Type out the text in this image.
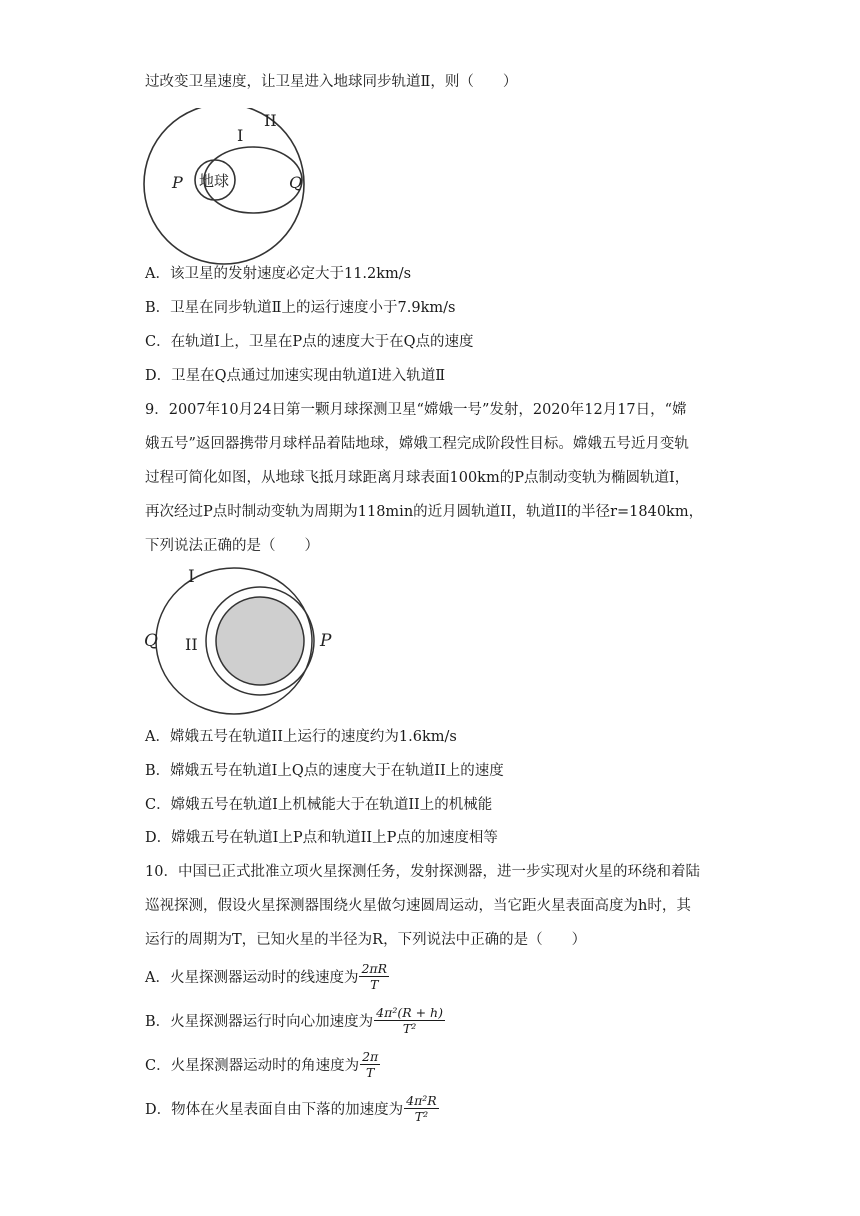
过改变卫星速度，让卫星进入地球同步轨道Ⅱ，则（　　）
II
I
P	Q
地球
A．该卫星的发射速度必定大于11.2km/s
B．卫星在同步轨道Ⅱ上的运行速度小于7.9km/s
C．在轨道Ⅰ上，卫星在P点的速度大于在Q点的速度
D．卫星在Q点通过加速实现由轨道Ⅰ进入轨道Ⅱ
9．2007年10月24日第一颗月球探测卫星“嫦娥一号”发射，2020年12月17日，“嫦
娥五号”返回器携带月球样品着陆地球，嫦娥工程完成阶段性目标。嫦娥五号近月变轨
过程可简化如图，从地球飞抵月球距离月球表面100km的P点制动变轨为椭圆轨道I，
再次经过P点时制动变轨为周期为118min的近月圆轨道II，轨道II的半径r=1840km，
下列说法正确的是（　　）
I
II
Q	P
A．嫦娥五号在轨道II上运行的速度约为1.6km/s
B．嫦娥五号在轨道I上Q点的速度大于在轨道II上的速度
C．嫦娥五号在轨道I上机械能大于在轨道II上的机械能
D．嫦娥五号在轨道I上P点和轨道II上P点的加速度相等
10．中国已正式批准立项火星探测任务，发射探测器，进一步实现对火星的环绕和着陆
巡视探测，假设火星探测器围绕火星做匀速圆周运动，当它距火星表面高度为h时，其
运行的周期为T，已知火星的半径为R，下列说法中正确的是（　　）
A．火星探测器运动时的线速度为 $\frac{2\pi R}{T}$
B．火星探测器运行时向心加速度为 $\frac{\text{4π²(R + h)}}{\text{T²}}$
C．火星探测器运动时的角速度为 $\frac{2\pi}{T}$
D．物体在火星表面自由下落的加速度为 $\frac{\text{4π²R}}{\text{T²}}$
